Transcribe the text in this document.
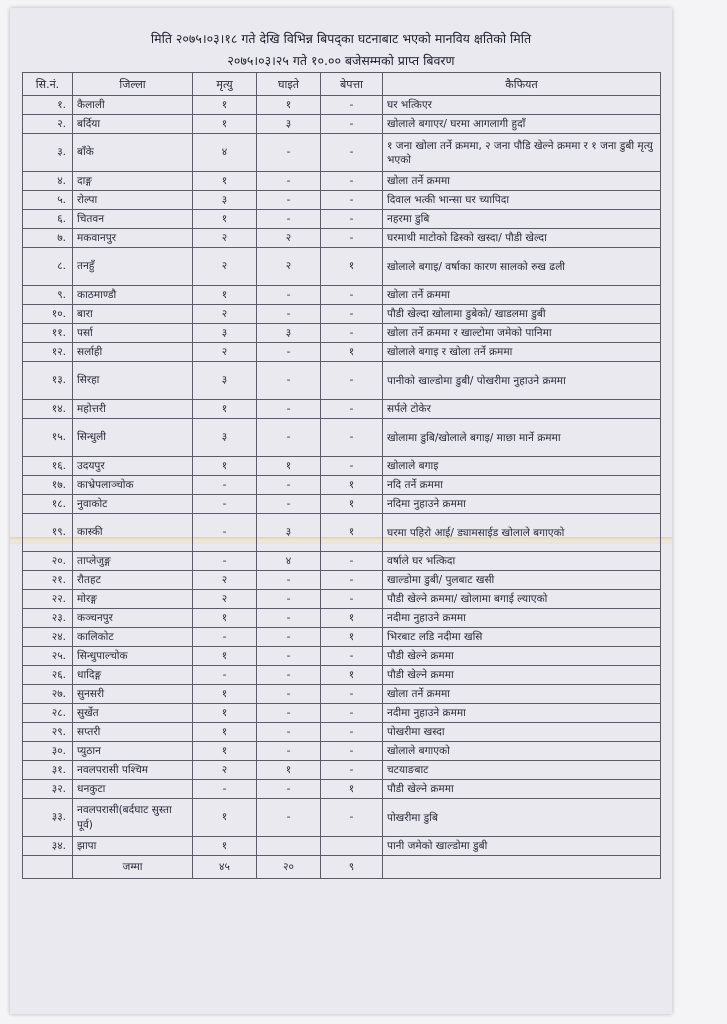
मिति २०७५।०३।१८ गते देखि विभिन्न बिपद्का घटनाबाट भएको मानविय क्षतिको मिति
२०७५।०३।२५ गते १०.०० बजेसम्मको प्राप्त बिवरण
सि.नं.	जिल्ला	मृत्यु	घाइते	बेपत्ता	कैफियत
१.	कैलाली	१	१	-	घर भत्किएर
२.	बर्दिया	१	३	-	खोलाले बगाएर/ घरमा आगलागी हुदाँ
३.	बाँके	४	-	-	१ जना खोला तर्ने क्रममा, २ जना पौडि खेल्ने क्रममा र १ जना डुबी मृत्यु भएको
४.	दाङ्ग	१	-	-	खोला तर्ने क्रममा
५.	रोल्पा	३	-	-	दिवाल भत्की भान्सा घर च्यापिदा
६.	चितवन	१	-	-	नहरमा डुबि
७.	मकवानपुर	२	२	-	घरमाथी माटोको ढिस्को खस्दा/ पौडी खेल्दा
८.	तनहुँ	२	२	१	खोलाले बगाइ/ वर्षाका कारण सालको रुख ढली
९.	काठमाण्डौ	१	-	-	खोला तर्ने क्रममा
१०.	बारा	२	-	-	पौडी खेल्दा खोलामा डुबेको/ खाडलमा डुबी
११.	पर्सा	३	३	-	खोला तर्ने क्रममा र खाल्टोमा जमेको पानिमा
१२.	सर्लाही	२	-	१	खोलाले बगाइ र खोला तर्ने क्रममा
१३.	सिरहा	३	-	-	पानीको खाल्डोमा डुबी/ पोखरीमा नुहाउने क्रममा
१४.	महोत्तरी	१	-	-	सर्पले टोकेर
१५.	सिन्धुली	३	-	-	खोलामा डुबि/खोलाले बगाइ/ माछा मार्ने क्रममा
१६.	उदयपुर	१	१	-	खोलाले बगाइ
१७.	काभ्रेपलाञ्चोक	-	-	१	नदि तर्ने क्रममा
१८.	नुवाकोट	-	-	१	नदिमा नुहाउने क्रममा
१९.	कास्की	-	३	१	घरमा पहिरो आई/ ड्यामसाईड खोलाले बगाएको
२०.	ताप्लेजुङ्ग	-	४	-	वर्षाले घर भत्किदा
२१.	रौतहट	२	-	-	खाल्डोमा डुबी/ पुलबाट खसी
२२.	मोरङ्ग	२	-	-	पौडी खेल्ने क्रममा/ खोलामा बगाई ल्याएको
२३.	कञ्चनपुर	१	-	१	नदीमा नुहाउने क्रममा
२४.	कालिकोट	-	-	१	भिरबाट लडि नदीमा खसि
२५.	सिन्धुपाल्चोक	१	-	-	पौडी खेल्ने क्रममा
२६.	धादिङ्ग	-	-	१	पौडी खेल्ने क्रममा
२७.	सुनसरी	१	-	-	खोला तर्ने क्रममा
२८.	सुर्खेत	१	-	-	नदीमा नुहाउने क्रममा
२९.	सप्तरी	१	-	-	पोखरीमा खस्दा
३०.	प्युठान	१	-	-	खोलाले बगाएको
३१.	नवलपरासी पश्चिम	२	१	-	चटयाङबाट
३२.	धनकुटा	-	-	१	पौडी खेल्ने क्रममा
३३.	नवलपरासी(बर्दघाट सुस्ता पूर्व)	१	-	-	पोखरीमा डुबि
३४.	झापा	१			पानी जमेको खाल्डोमा डुबी
	जम्मा	४५	२०	९	
